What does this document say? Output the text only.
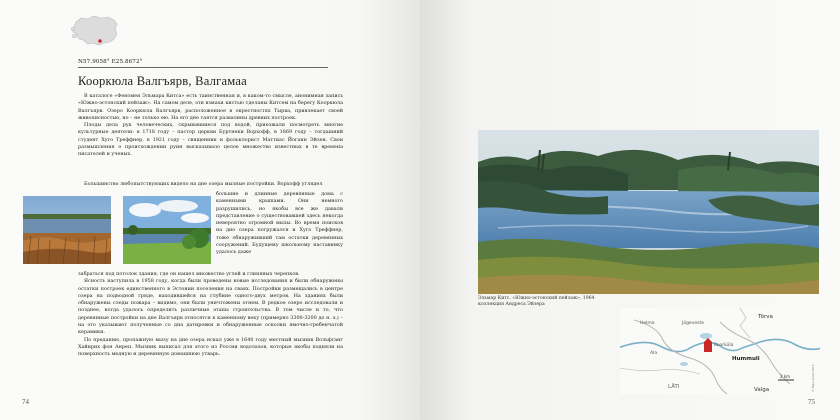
N57.9058° E25.8672°
Кооркюла Валгъярв, Валгамаа

В каталоге «Феномен Эльмара Китса» есть таинственная и, в каком-то смысле, анонимная запись «Южно-эстонский пейзаж». На самом деле, эти взмахи кистью сделаны Китсем на берегу Кооркюла Валгъярв. Озеро Кооркюла Валгъярв, расположенное в окрестностях Тырва, привлекает своей живописностью, но – не только ею. На его дне таятся развалины древних построек.

Плоды дела рук человеческих, скрывавшиеся под водой, приезжали посмотреть многие культурные деятели: в 1718 году – пастор церкви Буртнеки Ворхофф, в 1869 году – тогдашний студент Хуго Треффнер, в 1921 году – священник и фольклорист Маттиас Йоганн Эйзен. Свои размышления о происхождении руин высказывало целое множество известных в те времена писателей и ученых.

Большинство любопытствующих видело на дне озера мызные постройки. Ворхофф углядел

большие и длинные деревянные дома с каменными крышами. Они немного разрушились, но якобы все же давали представление о существовавшей здесь некогда невероятно огромной мызы. Во время поисков на дно озера погружался и Хуго Треффнер, тоже обнаруживший там остатки деревянных сооружений. Будущему школьному наставнику удалось даже

забраться под потолок здания, где он нашел множество углей и глиняных черепков.

Ясность наступила в 1958 году, когда были проведены новые исследования и были обнаружены остатки построек единственного в Эстонии поселения на сваях. Постройки размещались в центре озера на подводной гряде, находившейся на глубине одного-двух метров. На зданиях были обнаружены следы пожара – видимо, они были уничтожены огнем. В редкое озеро исследовали и позднее, когда удалось определить различные этапы строительства. В том числе и то, что деревянные постройки на дне Валгъярв относятся к каменному веку (примерно 3300-3200 до н. э.) – на это указывают полученные со дна датировки и обнаруженные осколки ямочно-гребенчатой керамики.

По преданию, пропажную мызу на дне озера искал уже в 1640 году местный мызник Вольфганг Хайнрих фон Анреп. Мызник выписал для этого из России водолазов, которые якобы подняли на поверхность медную и деревянную домашнюю утварь.

74
Эльмар Китс, «Южно-эстонский пейзаж», 1964
коллекция Андреса Эйзера
Tõrva
Hummuli
Valga
LÄTI
Helme	Jõgeveste
Ala
Koorküla
2 km	© Maa-amet 2015
75
